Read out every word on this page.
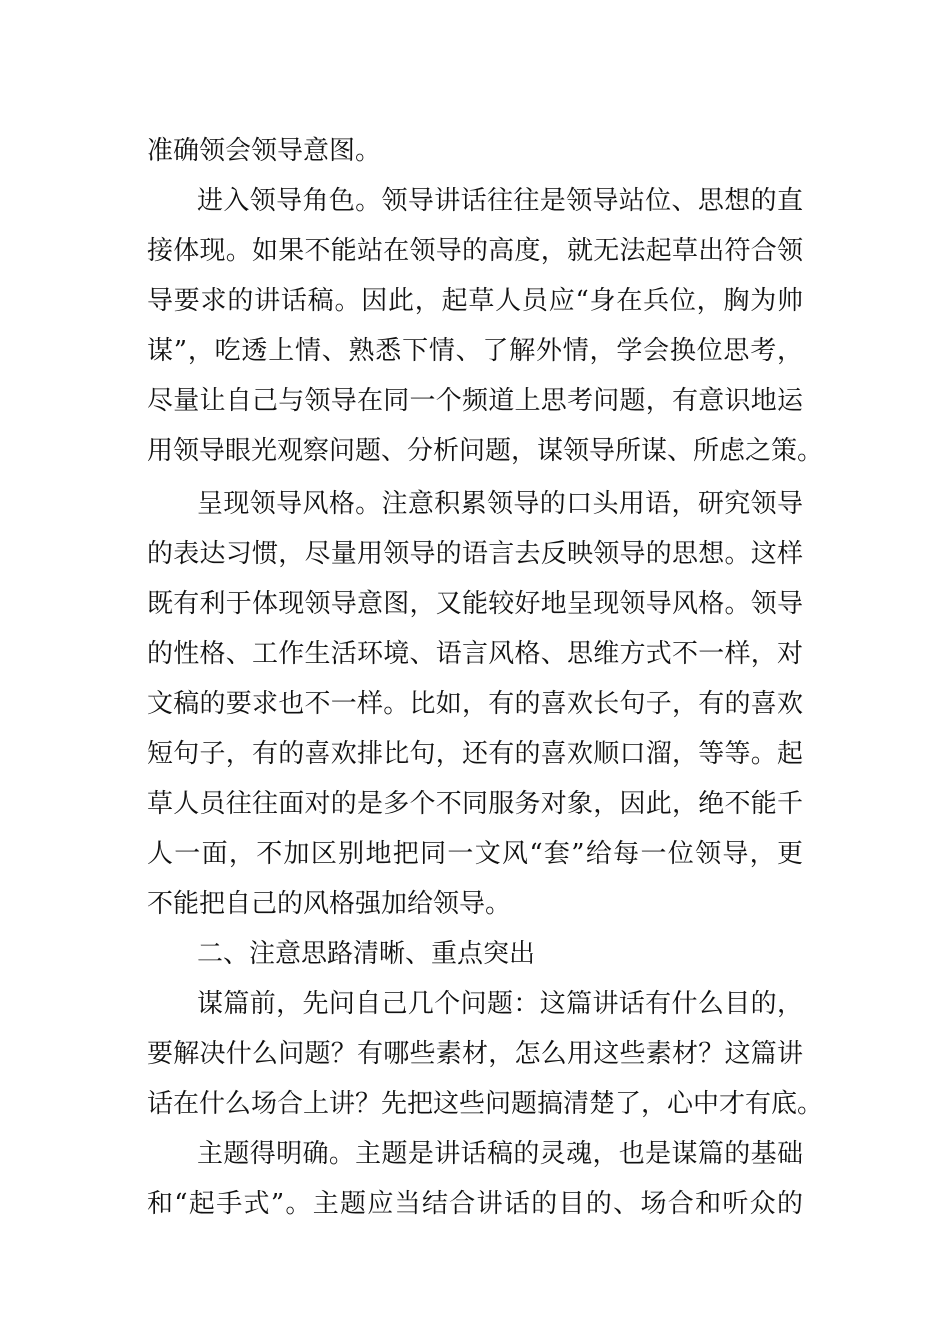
准确领会领导意图。
进入领导角色。领导讲话往往是领导站位、思想的直
接体现。如果不能站在领导的高度，就无法起草出符合领
导要求的讲话稿。因此，起草人员应“身在兵位，胸为帅
谋”，吃透上情、熟悉下情、了解外情，学会换位思考，
尽量让自己与领导在同一个频道上思考问题，有意识地运
用领导眼光观察问题、分析问题，谋领导所谋、所虑之策。
呈现领导风格。注意积累领导的口头用语，研究领导
的表达习惯，尽量用领导的语言去反映领导的思想。这样
既有利于体现领导意图，又能较好地呈现领导风格。领导
的性格、工作生活环境、语言风格、思维方式不一样，对
文稿的要求也不一样。比如，有的喜欢长句子，有的喜欢
短句子，有的喜欢排比句，还有的喜欢顺口溜，等等。起
草人员往往面对的是多个不同服务对象，因此，绝不能千
人一面，不加区别地把同一文风“套”给每一位领导，更
不能把自己的风格强加给领导。
二、注意思路清晰、重点突出
谋篇前，先问自己几个问题：这篇讲话有什么目的，
要解决什么问题？有哪些素材，怎么用这些素材？这篇讲
话在什么场合上讲？先把这些问题搞清楚了，心中才有底。
主题得明确。主题是讲话稿的灵魂，也是谋篇的基础
和“起手式”。主题应当结合讲话的目的、场合和听众的
